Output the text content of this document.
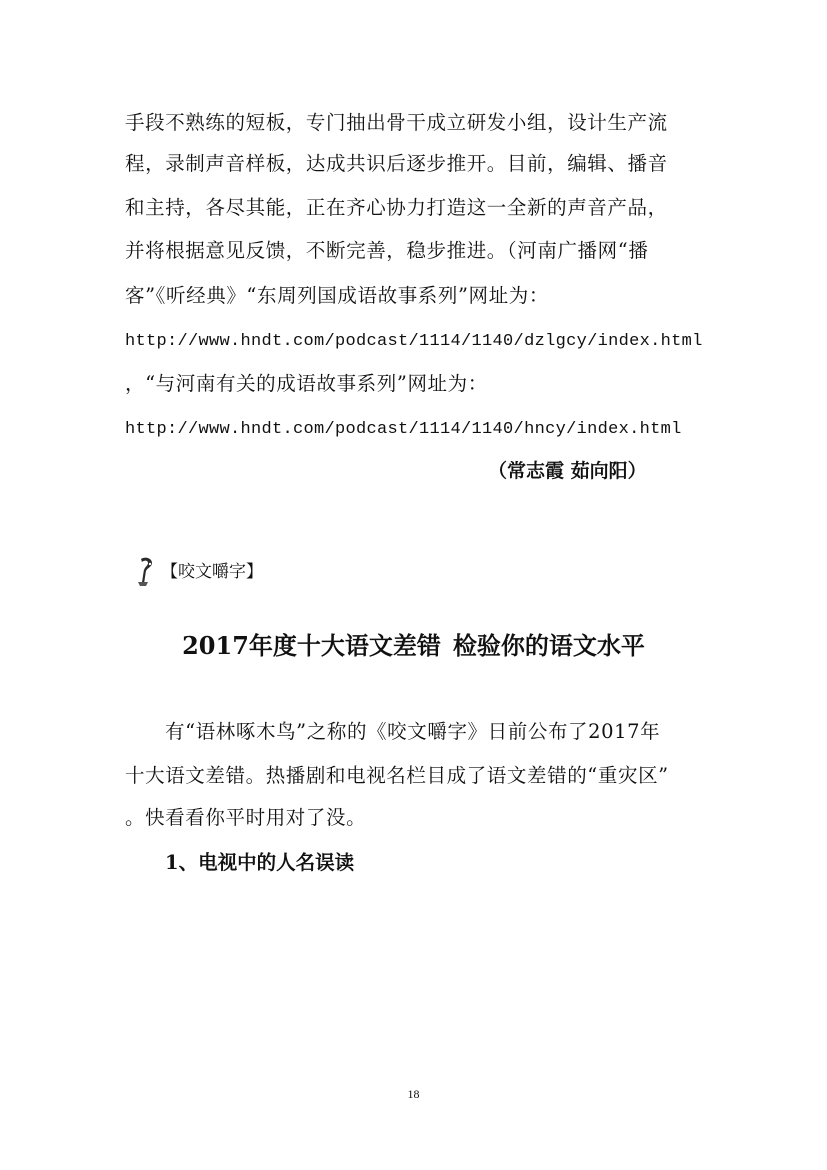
手段不熟练的短板，专门抽出骨干成立研发小组，设计生产流
程，录制声音样板，达成共识后逐步推开。目前，编辑、播音
和主持，各尽其能，正在齐心协力打造这一全新的声音产品，
并将根据意见反馈，不断完善，稳步推进。（河南广播网“播
客”《听经典》“东周列国成语故事系列”网址为：
http://www.hndt.com/podcast/1114/1140/dzlgcy/index.html
，“与河南有关的成语故事系列”网址为：
http://www.hndt.com/podcast/1114/1140/hncy/index.html
（常志霞 茹向阳）
【咬文嚼字】
2017年度十大语文差错 检验你的语文水平
有“语林啄木鸟”之称的《咬文嚼字》日前公布了2017年
十大语文差错。热播剧和电视名栏目成了语文差错的“重灾区”
。快看看你平时用对了没。
1、电视中的人名误读
18
